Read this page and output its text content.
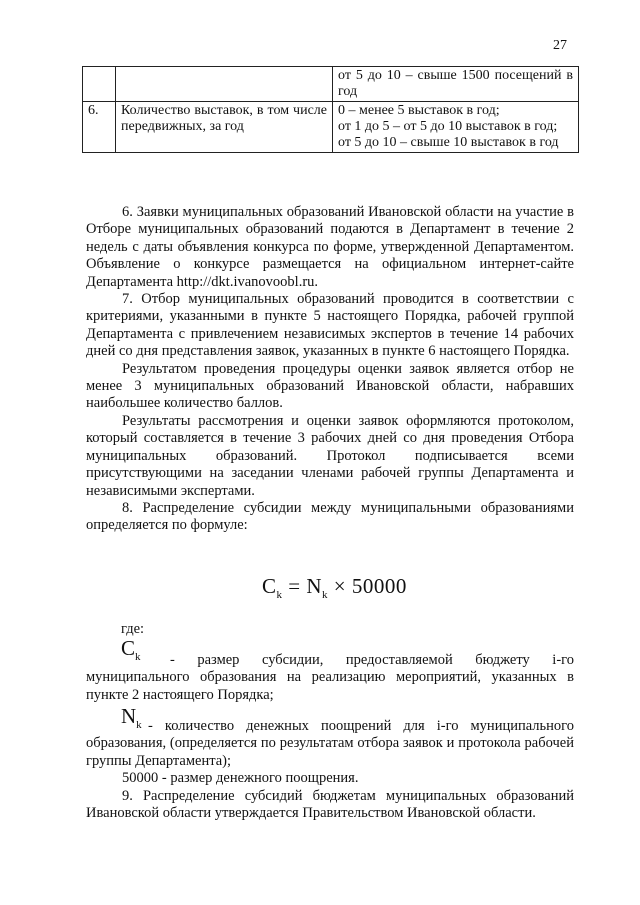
27

		от 5 до 10 – свыше 1500 посещений в год

6.	Количество выставок, в том числе передвижных, за год	0 – менее 5 выставок в год;
от 1 до 5 – от 5 до 10 выставок в год;
от 5 до 10 – свыше 10 выставок в год

6. Заявки муниципальных образований Ивановской области на участие в Отборе муниципальных образований подаются в Департамент в течение 2 недель с даты объявления конкурса по форме, утвержденной Департаментом. Объявление о конкурсе размещается на официальном интернет-сайте Департамента http://dkt.ivanovoobl.ru.

7. Отбор муниципальных образований проводится в соответствии с критериями, указанными в пункте 5 настоящего Порядка, рабочей группой Департамента с привлечением независимых экспертов в течение 14 рабочих дней со дня представления заявок, указанных в пункте 6 настоящего Порядка.

Результатом проведения процедуры оценки заявок является отбор не менее 3 муниципальных образований Ивановской области, набравших наибольшее количество баллов.

Результаты рассмотрения и оценки заявок оформляются протоколом, который составляется в течение 3 рабочих дней со дня проведения Отбора муниципальных образований. Протокол подписывается всеми присутствующими на заседании членами рабочей группы Департамента и независимыми экспертами.

8. Распределение субсидии между муниципальными образованиями определяется по формуле:

$C_k = N_k \times 50000$
где:
$C_k$	- размер субсидии, предоставляемой бюджету i-го муниципального образования на реализацию мероприятий, указанных в пункте 2 настоящего Порядка;

$N_k$ - количество денежных поощрений для i-го муниципального образования, (определяется по результатам отбора заявок и протокола рабочей группы Департамента);

50000 - размер денежного поощрения.

9. Распределение субсидий бюджетам муниципальных образований Ивановской области утверждается Правительством Ивановской области.
